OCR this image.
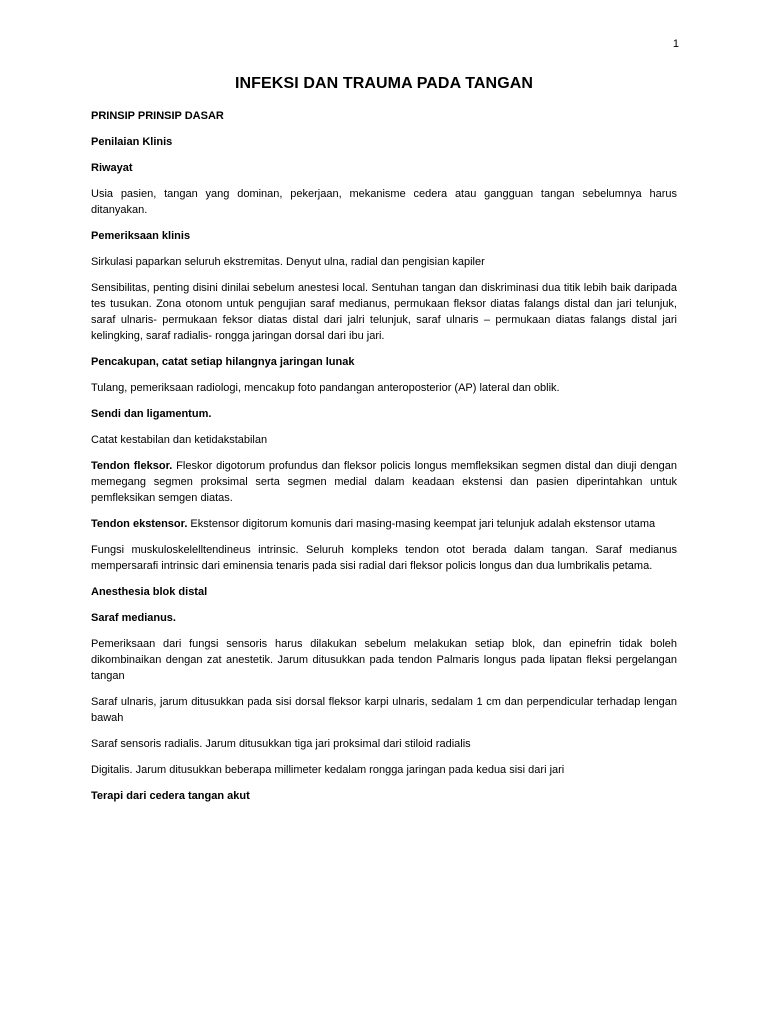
1
INFEKSI DAN TRAUMA PADA TANGAN

PRINSIP PRINSIP DASAR

Penilaian Klinis

Riwayat

Usia pasien, tangan yang dominan, pekerjaan, mekanisme cedera atau gangguan tangan sebelumnya harus ditanyakan.

Pemeriksaan klinis

Sirkulasi paparkan seluruh ekstremitas. Denyut ulna, radial dan pengisian kapiler

Sensibilitas, penting disini dinilai sebelum anestesi local. Sentuhan tangan dan diskriminasi dua titik lebih baik daripada tes tusukan. Zona otonom untuk pengujian saraf medianus, permukaan fleksor diatas falangs distal dan jari telunjuk, saraf ulnaris- permukaan feksor diatas distal dari jalri telunjuk, saraf ulnaris – permukaan diatas falangs distal jari kelingking, saraf radialis- rongga jaringan dorsal dari ibu jari.

Pencakupan, catat setiap hilangnya jaringan lunak

Tulang, pemeriksaan radiologi, mencakup foto pandangan anteroposterior (AP) lateral dan oblik.

Sendi dan ligamentum.

Catat kestabilan dan ketidakstabilan

Tendon fleksor. Fleskor digotorum profundus dan fleksor policis longus memfleksikan segmen distal dan diuji dengan memegang segmen proksimal serta segmen medial dalam keadaan ekstensi dan pasien diperintahkan untuk pemfleksikan semgen diatas.

Tendon ekstensor. Ekstensor digitorum komunis dari masing-masing keempat jari telunjuk adalah ekstensor utama

Fungsi muskuloskelelltendineus intrinsic. Seluruh kompleks tendon otot berada dalam tangan. Saraf medianus mempersarafi intrinsic dari eminensia tenaris pada sisi radial dari fleksor policis longus dan dua lumbrikalis petama.

Anesthesia blok distal

Saraf medianus.

Pemeriksaan dari fungsi sensoris harus dilakukan sebelum melakukan setiap blok, dan epinefrin tidak boleh dikombinaikan dengan zat anestetik. Jarum ditusukkan pada tendon Palmaris longus pada lipatan fleksi pergelangan tangan

Saraf ulnaris, jarum ditusukkan pada sisi dorsal fleksor karpi ulnaris, sedalam 1 cm dan perpendicular terhadap lengan bawah

Saraf sensoris radialis. Jarum ditusukkan tiga jari proksimal dari stiloid radialis

Digitalis. Jarum ditusukkan beberapa millimeter kedalam rongga jaringan pada kedua sisi dari jari

Terapi dari cedera tangan akut
